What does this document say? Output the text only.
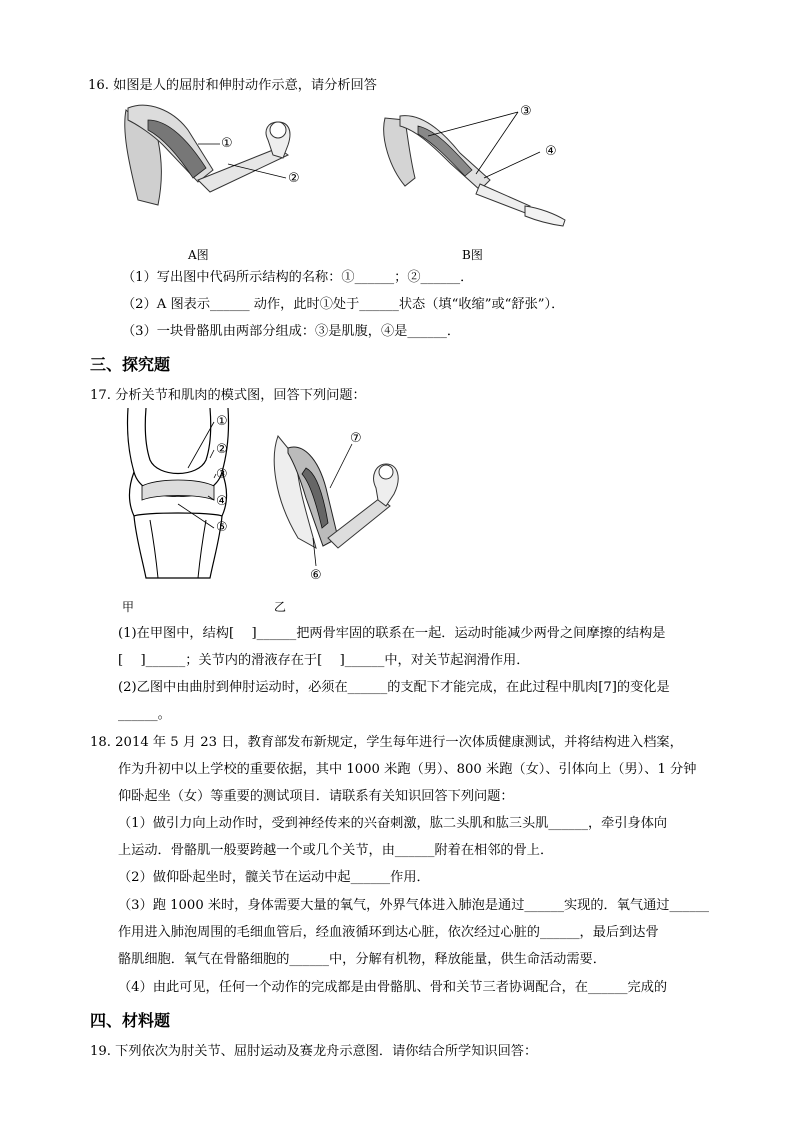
16. 如图是人的屈肘和伸肘动作示意，请分析回答
①
②
③
④
A图	B图
（1）写出图中代码所示结构的名称：①______；②______．
（2）A 图表示______ 动作，此时①处于______状态（填“收缩”或“舒张”）．
（3）一块骨骼肌由两部分组成：③是肌腹，④是______．
三、探究题
17. 分析关节和肌肉的模式图，回答下列问题：
①
②
③
④
⑤
⑦
⑥
甲	乙
(1)在甲图中，结构[　 ]______把两骨牢固的联系在一起．运动时能减少两骨之间摩擦的结构是
[　 ]______；关节内的滑液存在于[　 ]______中，对关节起润滑作用．
(2)乙图中由曲肘到伸肘运动时，必须在______的支配下才能完成，在此过程中肌肉[7]的变化是
______。
18. 2014 年 5 月 23 日，教育部发布新规定，学生每年进行一次体质健康测试，并将结构进入档案，
作为升初中以上学校的重要依据，其中 1000 米跑（男）、800 米跑（女）、引体向上（男）、1 分钟
仰卧起坐（女）等重要的测试项目．请联系有关知识回答下列问题：
（1）做引力向上动作时，受到神经传来的兴奋刺激，肱二头肌和肱三头肌______，牵引身体向
上运动．骨骼肌一般要跨越一个或几个关节，由______附着在相邻的骨上．
（2）做仰卧起坐时，髋关节在运动中起______作用．
（3）跑 1000 米时，身体需要大量的氧气，外界气体进入肺泡是通过______实现的．氧气通过______
作用进入肺泡周围的毛细血管后，经血液循环到达心脏，依次经过心脏的______，最后到达骨
骼肌细胞．氧气在骨骼细胞的______中，分解有机物，释放能量，供生命活动需要．
（4）由此可见，任何一个动作的完成都是由骨骼肌、骨和关节三者协调配合，在______完成的
四、材料题
19. 下列依次为肘关节、屈肘运动及赛龙舟示意图．请你结合所学知识回答：
